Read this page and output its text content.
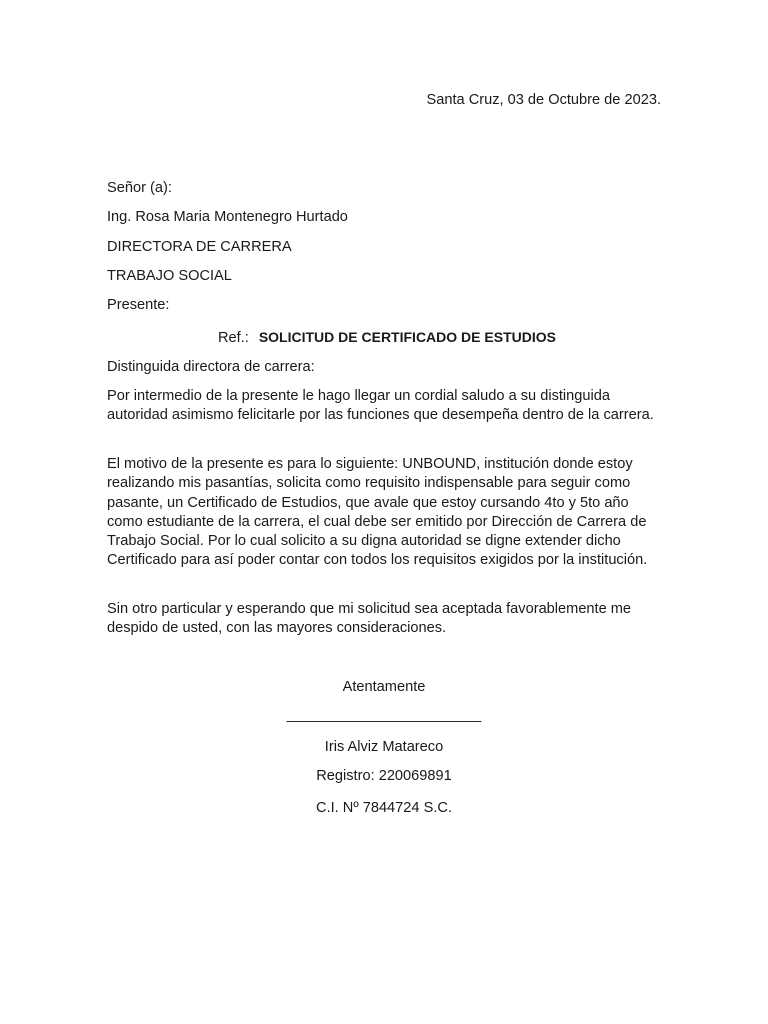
Santa Cruz, 03 de Octubre de 2023.
Señor (a):
Ing. Rosa Maria Montenegro Hurtado
DIRECTORA DE CARRERA
TRABAJO SOCIAL
Presente:
Ref.: SOLICITUD DE CERTIFICADO DE ESTUDIOS
Distinguida directora de carrera:
Por intermedio de la presente le hago llegar un cordial saludo a su distinguida autoridad asimismo felicitarle por las funciones que desempeña dentro de la carrera.
El motivo de la presente es para lo siguiente: UNBOUND, institución donde estoy realizando mis pasantías, solicita como requisito indispensable para seguir como pasante, un Certificado de Estudios, que avale que estoy cursando 4to y 5to año como estudiante de la carrera, el cual debe ser emitido por Dirección de Carrera de Trabajo Social. Por lo cual solicito a su digna autoridad se digne extender dicho Certificado para así poder contar con todos los requisitos exigidos por la institución.
Sin otro particular y esperando que mi solicitud sea aceptada favorablemente me despido de usted, con las mayores consideraciones.
Atentamente
________________________
Iris Alviz Matareco
Registro: 220069891
C.I. Nº 7844724 S.C.
